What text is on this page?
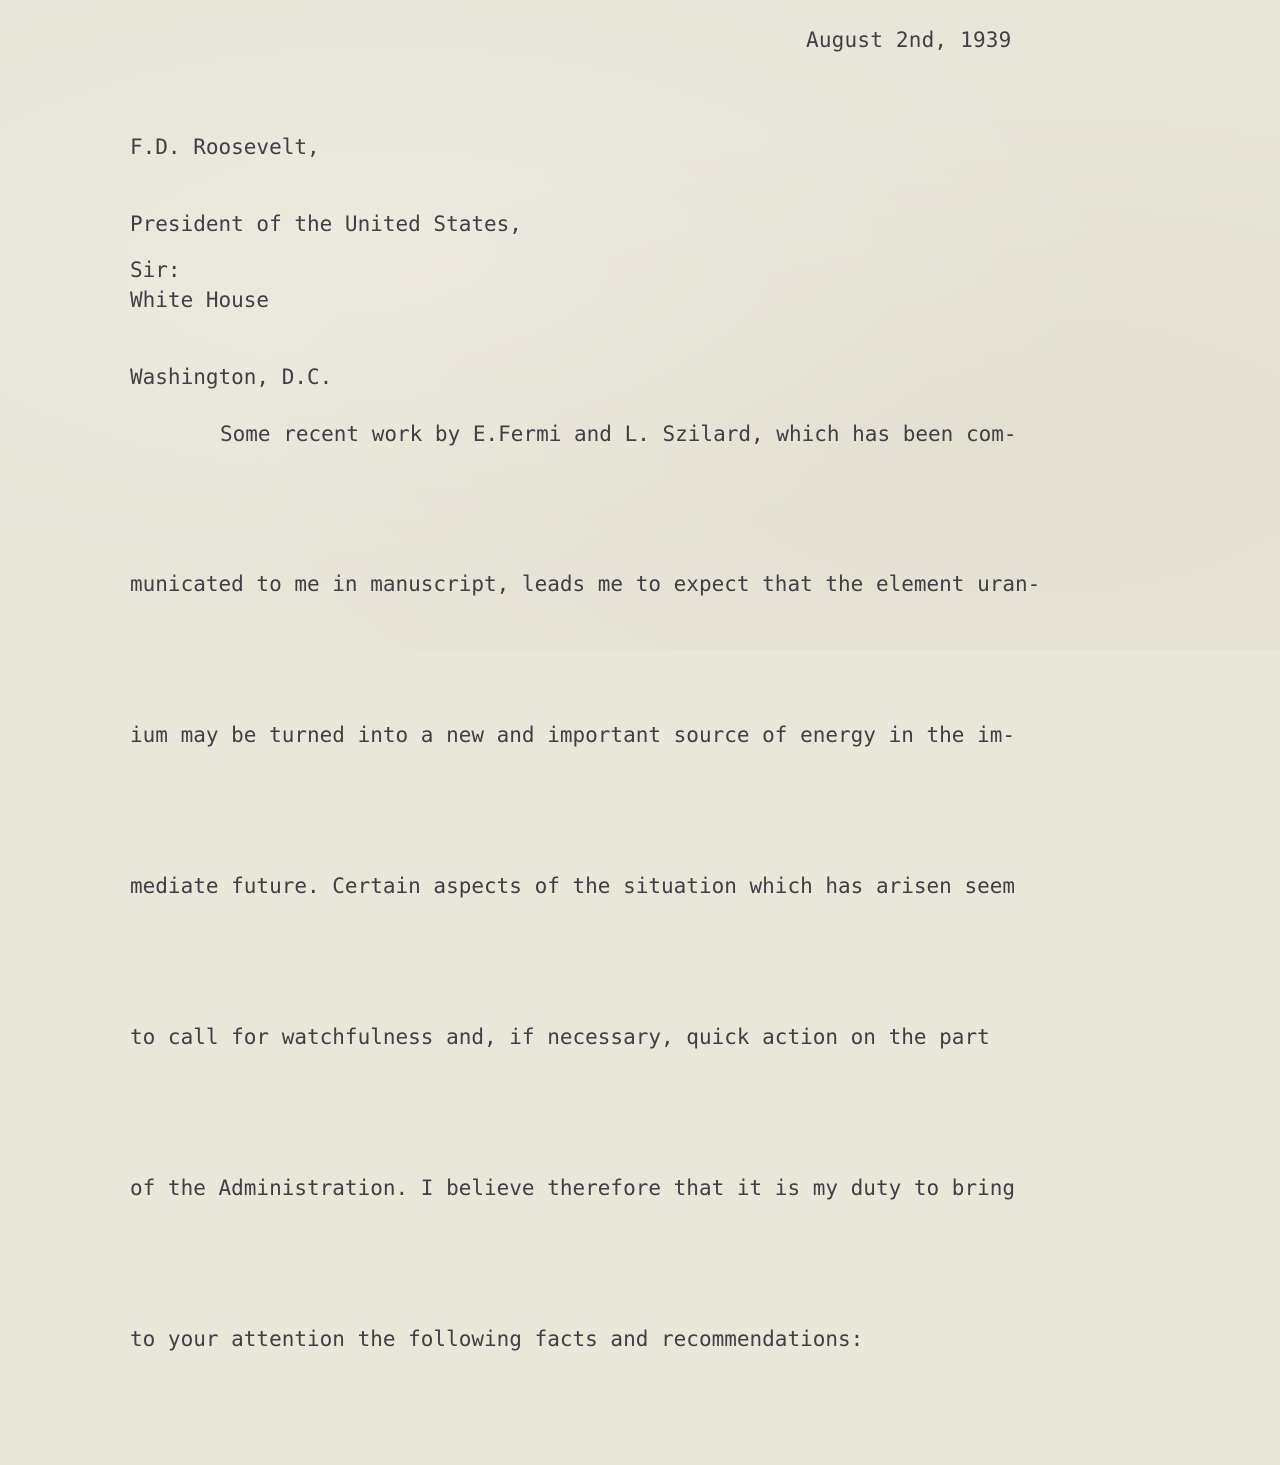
August 2nd, 1939

F.D. Roosevelt,

President of the United States,

White House

Washington, D.C.

Sir:

Some recent work by E.Fermi and L. Szilard, which has been com-

municated to me in manuscript, leads me to expect that the element uran-

ium may be turned into a new and important source of energy in the im-

mediate future. Certain aspects of the situation which has arisen seem

to call for watchfulness and, if necessary, quick action on the part

of the Administration. I believe therefore that it is my duty to bring

to your attention the following facts and recommendations:
